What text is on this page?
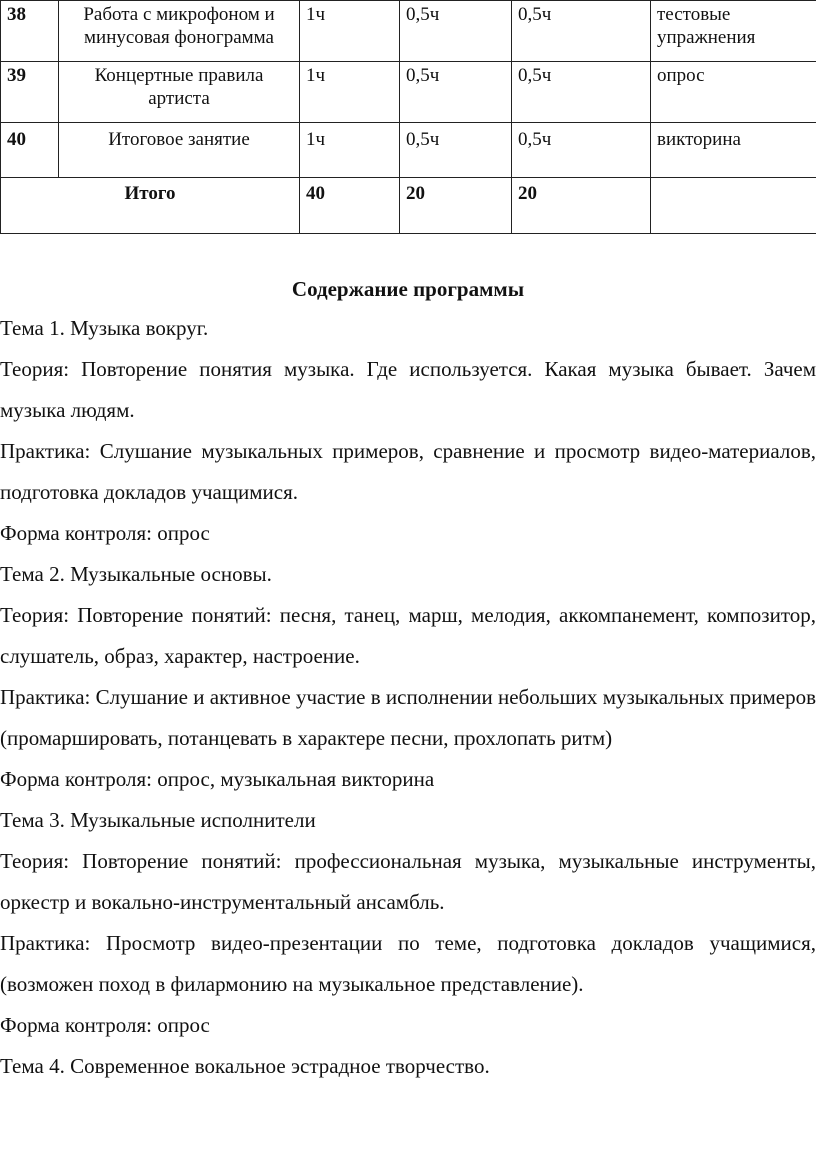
38	Работа с микрофоном и минусовая фонограмма	1ч	0,5ч	0,5ч	тестовые упражнения
39	Концертные правила артиста	1ч	0,5ч	0,5ч	опрос
40	Итоговое занятие	1ч	0,5ч	0,5ч	викторина
Итого		40	20	20	
Содержание программы

Тема 1. Музыка вокруг.

Теория: Повторение понятия музыка. Где используется. Какая музыка бывает. Зачем музыка людям.

Практика: Слушание музыкальных примеров, сравнение и просмотр видео-материалов, подготовка докладов учащимися.

Форма контроля: опрос

Тема 2. Музыкальные основы.

Теория: Повторение понятий: песня, танец, марш, мелодия, аккомпанемент, композитор, слушатель, образ, характер, настроение.

Практика: Слушание и активное участие в исполнении небольших музыкальных примеров (промаршировать, потанцевать в характере песни, прохлопать ритм)

Форма контроля: опрос, музыкальная викторина

Тема 3. Музыкальные исполнители

Теория: Повторение понятий: профессиональная музыка, музыкальные инструменты, оркестр и вокально-инструментальный ансамбль.

Практика: Просмотр видео-презентации по теме, подготовка докладов учащимися, (возможен поход в филармонию на музыкальное представление).

Форма контроля: опрос

Тема 4. Современное вокальное эстрадное творчество.
